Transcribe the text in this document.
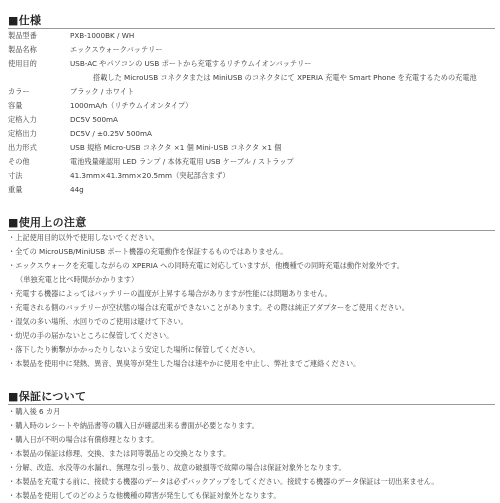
■仕様
製品型番	PXB-1000BK / WH
製品名称	エックスウォークバッテリー
使用目的	USB-AC やパソコンの USB ポートから充電するリチウムイオンバッテリー
搭載した MicroUSB コネクタまたは MiniUSB のコネクタにて XPERIA 充電や Smart Phone を充電するための充電池
カラー	ブラック / ホワイト
容量	1000mA/h（リチウムイオンタイプ）
定格入力	DC5V 500mA
定格出力	DC5V / ±0.25V 500mA
出力形式	USB 規格 Micro-USB コネクタ ×1 個 Mini-USB コネクタ ×1 個
その他	電池残量確認用 LED ランプ / 本体充電用 USB ケーブル / ストラップ
寸法	41.3mm×41.3mm×20.5mm（突起部含まず）
重量	44g
■使用上の注意
・上記使用目的以外で使用しないでください。
・全ての MicroUSB/MiniUSB ポート機器の充電動作を保証するものではありません。
・エックスウォークを充電しながらの XPERIA への同時充電に対応していますが、他機種での同時充電は動作対象外です。
（単独充電と比べ時間がかかります）
・充電する機器によってはバッテリーの温度が上昇する場合がありますが性能には問題ありません。
・充電される側のバッテリーが空状態の場合は充電ができないことがあります。その際は純正アダプターをご使用ください。
・湿気の多い場所、水回りでのご使用は避けて下さい。
・幼児の手の届かないところに保管してください。
・落下したり衝撃がかかったりしないよう安定した場所に保管してください。
・本製品を使用中に発熱、異音、異臭等が発生した場合は速やかに使用を中止し、弊社までご連絡ください。
■保証について
・購入後 6 カ月
・購入時のレシートや納品書等の購入日が確認出来る書面が必要となります。
・購入日が不明の場合は有償修理となります。
・本製品の保証は修理、交換、または同等製品との交換となります。
・分解、改造、水没等の水漏れ、無理な引っ張り、故意の破損等で故障の場合は保証対象外となります。
・本製品を充電する前に、接続する機器のデータは必ずバックアップをしてください。接続する機器のデータ保証は一切出来ません。
・本製品を使用してのどのような他機種の障害が発生しても保証対象外となります。
